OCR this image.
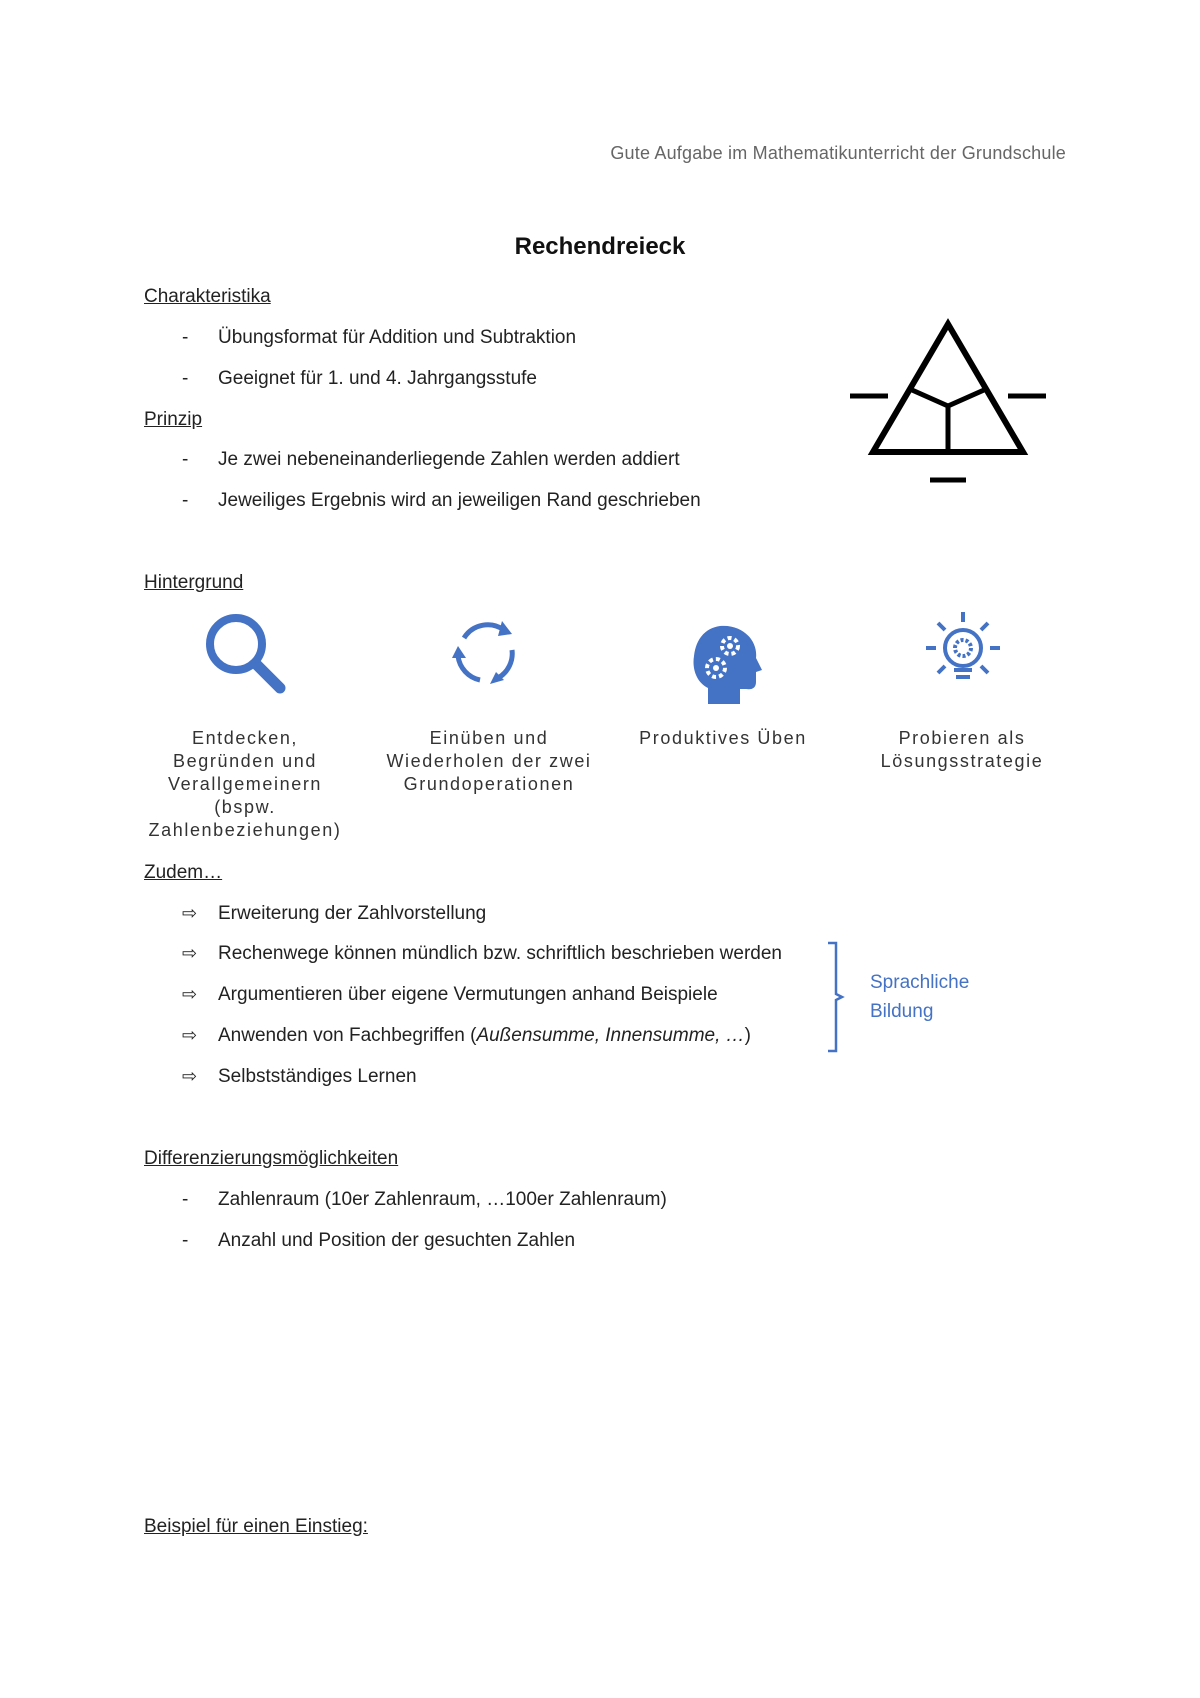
Gute Aufgabe im Mathematikunterricht der Grundschule
Rechendreieck
Charakteristika
- Übungsformat für Addition und Subtraktion
- Geeignet für 1. und 4. Jahrgangsstufe
Prinzip
- Je zwei nebeneinanderliegende Zahlen werden addiert
- Jeweiliges Ergebnis wird an jeweiligen Rand geschrieben
Hintergrund
Entdecken,
Begründen und
Verallgemeinern
(bspw.
Zahlenbeziehungen)
Einüben und
Wiederholen der zwei
Grundoperationen
Produktives Üben	Probieren als
Lösungsstrategie
Zudem…
⇨ Erweiterung der Zahlvorstellung
⇨ Rechenwege können mündlich bzw. schriftlich beschrieben werden
⇨ Argumentieren über eigene Vermutungen anhand Beispiele
⇨ Anwenden von Fachbegriffen (Außensumme, Innensumme, …)
⇨ Selbstständiges Lernen
Sprachliche
Bildung
Differenzierungsmöglichkeiten
- Zahlenraum (10er Zahlenraum, …100er Zahlenraum)
- Anzahl und Position der gesuchten Zahlen
Beispiel für einen Einstieg:
